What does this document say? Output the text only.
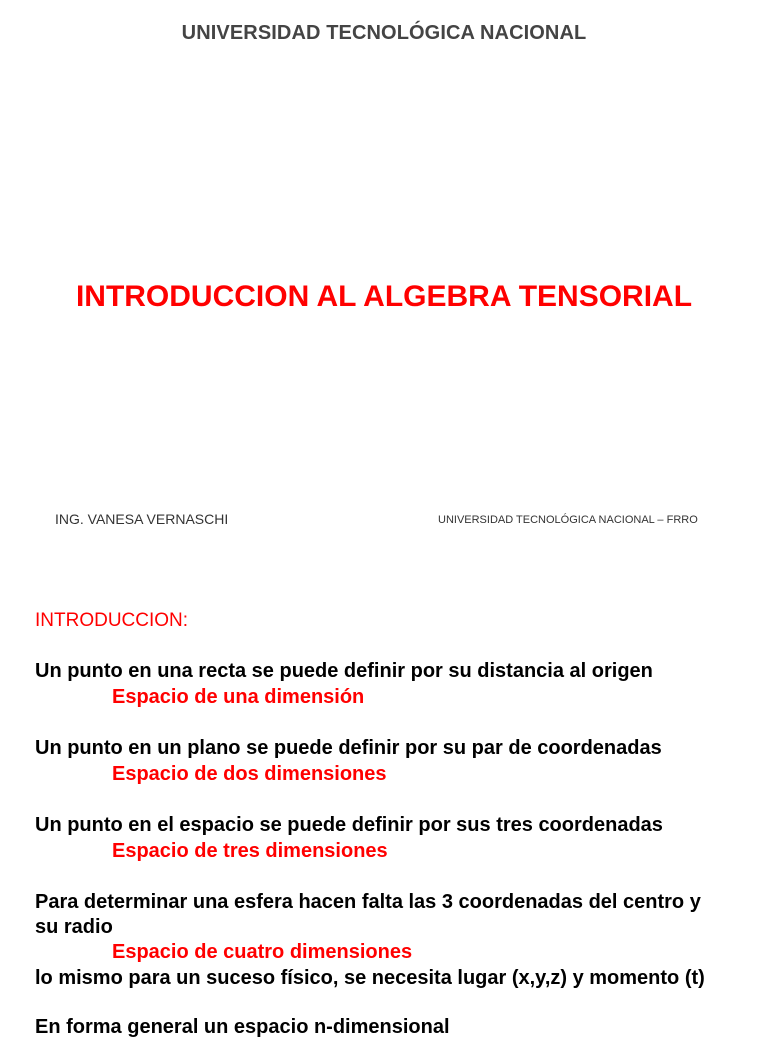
UNIVERSIDAD TECNOLÓGICA NACIONAL
INTRODUCCION AL ALGEBRA TENSORIAL
ING. VANESA VERNASCHI	UNIVERSIDAD TECNOLÓGICA NACIONAL – FRRO
INTRODUCCION:
Un punto en una recta se puede definir por su distancia al origen
Espacio de una dimensión
Un punto en un plano se puede definir por su par de coordenadas
Espacio de dos dimensiones
Un punto en el espacio se puede definir por sus tres coordenadas
Espacio de tres dimensiones
Para determinar una esfera hacen falta las 3 coordenadas del centro y
su radio
Espacio de cuatro dimensiones
lo mismo para un suceso físico, se necesita lugar (x,y,z) y momento (t)
En forma general un espacio n-dimensional
